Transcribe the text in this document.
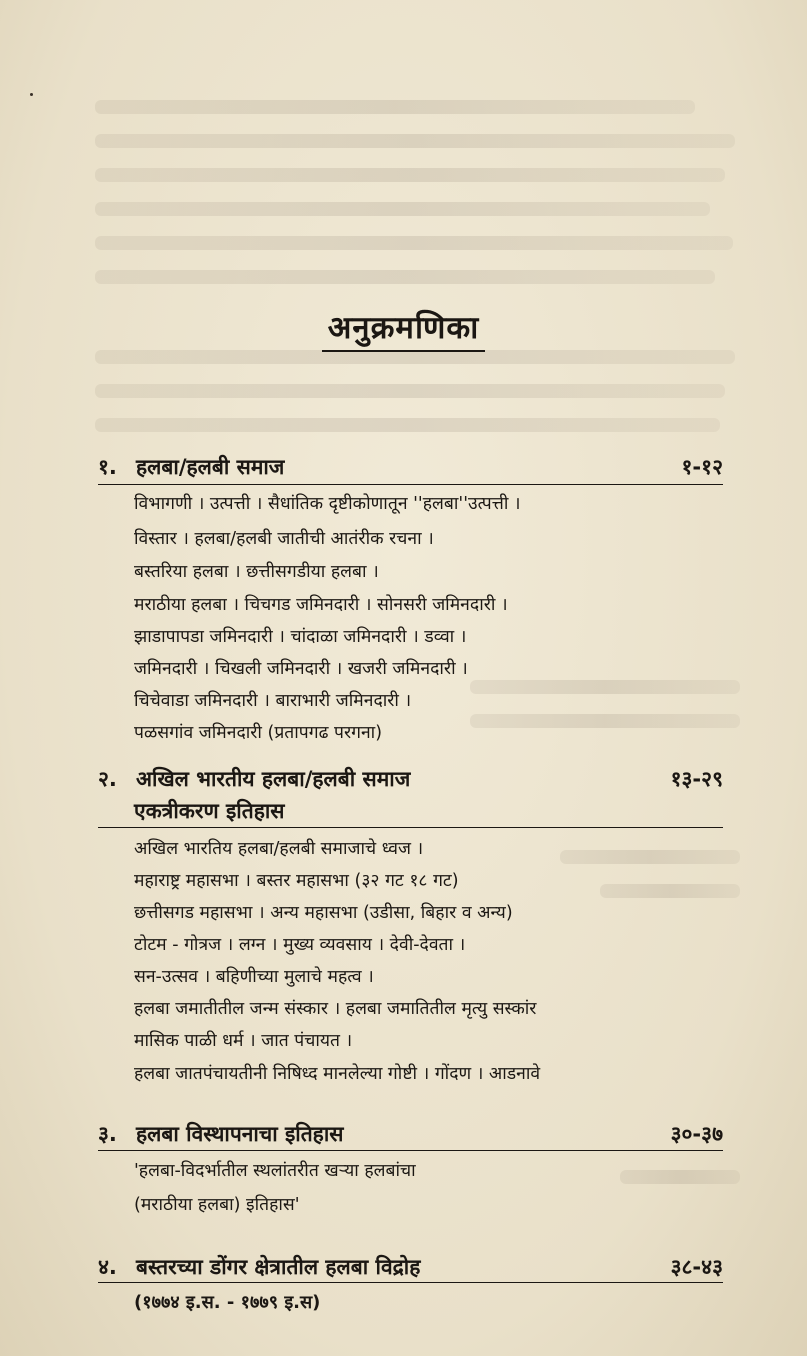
अनुक्रमणिका
१. हलबा/हलबी समाज	१-१२
विभागणी । उत्पत्ती । सैधांतिक दृष्टीकोणातून ''हलबा''उत्पत्ती ।
विस्तार । हलबा/हलबी जातीची आतंरीक रचना ।
बस्तरिया हलबा । छत्तीसगडीया हलबा ।
मराठीया हलबा । चिचगड जमिनदारी । सोनसरी जमिनदारी ।
झाडापापडा जमिनदारी । चांदाळा जमिनदारी । डव्वा ।
जमिनदारी । चिखली जमिनदारी । खजरी जमिनदारी ।
चिचेवाडा जमिनदारी । बाराभारी जमिनदारी ।
पळसगांव जमिनदारी (प्रतापगढ परगना)
२. अखिल भारतीय हलबा/हलबी समाज	१३-२९
एकत्रीकरण इतिहास
अखिल भारतिय हलबा/हलबी समाजाचे ध्वज ।
महाराष्ट्र महासभा । बस्तर महासभा (३२ गट १८ गट)
छत्तीसगड महासभा । अन्य महासभा (उडीसा, बिहार व अन्य)
टोटम - गोत्रज । लग्न । मुख्य व्यवसाय । देवी-देवता ।
सन-उत्सव । बहिणीच्या मुलाचे महत्व ।
हलबा जमातीतील जन्म संस्कार । हलबा जमातितील मृत्यु सस्कांर
मासिक पाळी धर्म । जात पंचायत ।
हलबा जातपंचायतीनी निषिध्द मानलेल्या गोष्टी । गोंदण । आडनावे
३. हलबा विस्थापनाचा इतिहास	३०-३७
'हलबा-विदर्भातील स्थलांतरीत खऱ्या हलबांचा
(मराठीया हलबा) इतिहास'
४. बस्तरच्या डोंगर क्षेत्रातील हलबा विद्रोह	३८-४३
(१७७४ इ.स. - १७७९ इ.स)
